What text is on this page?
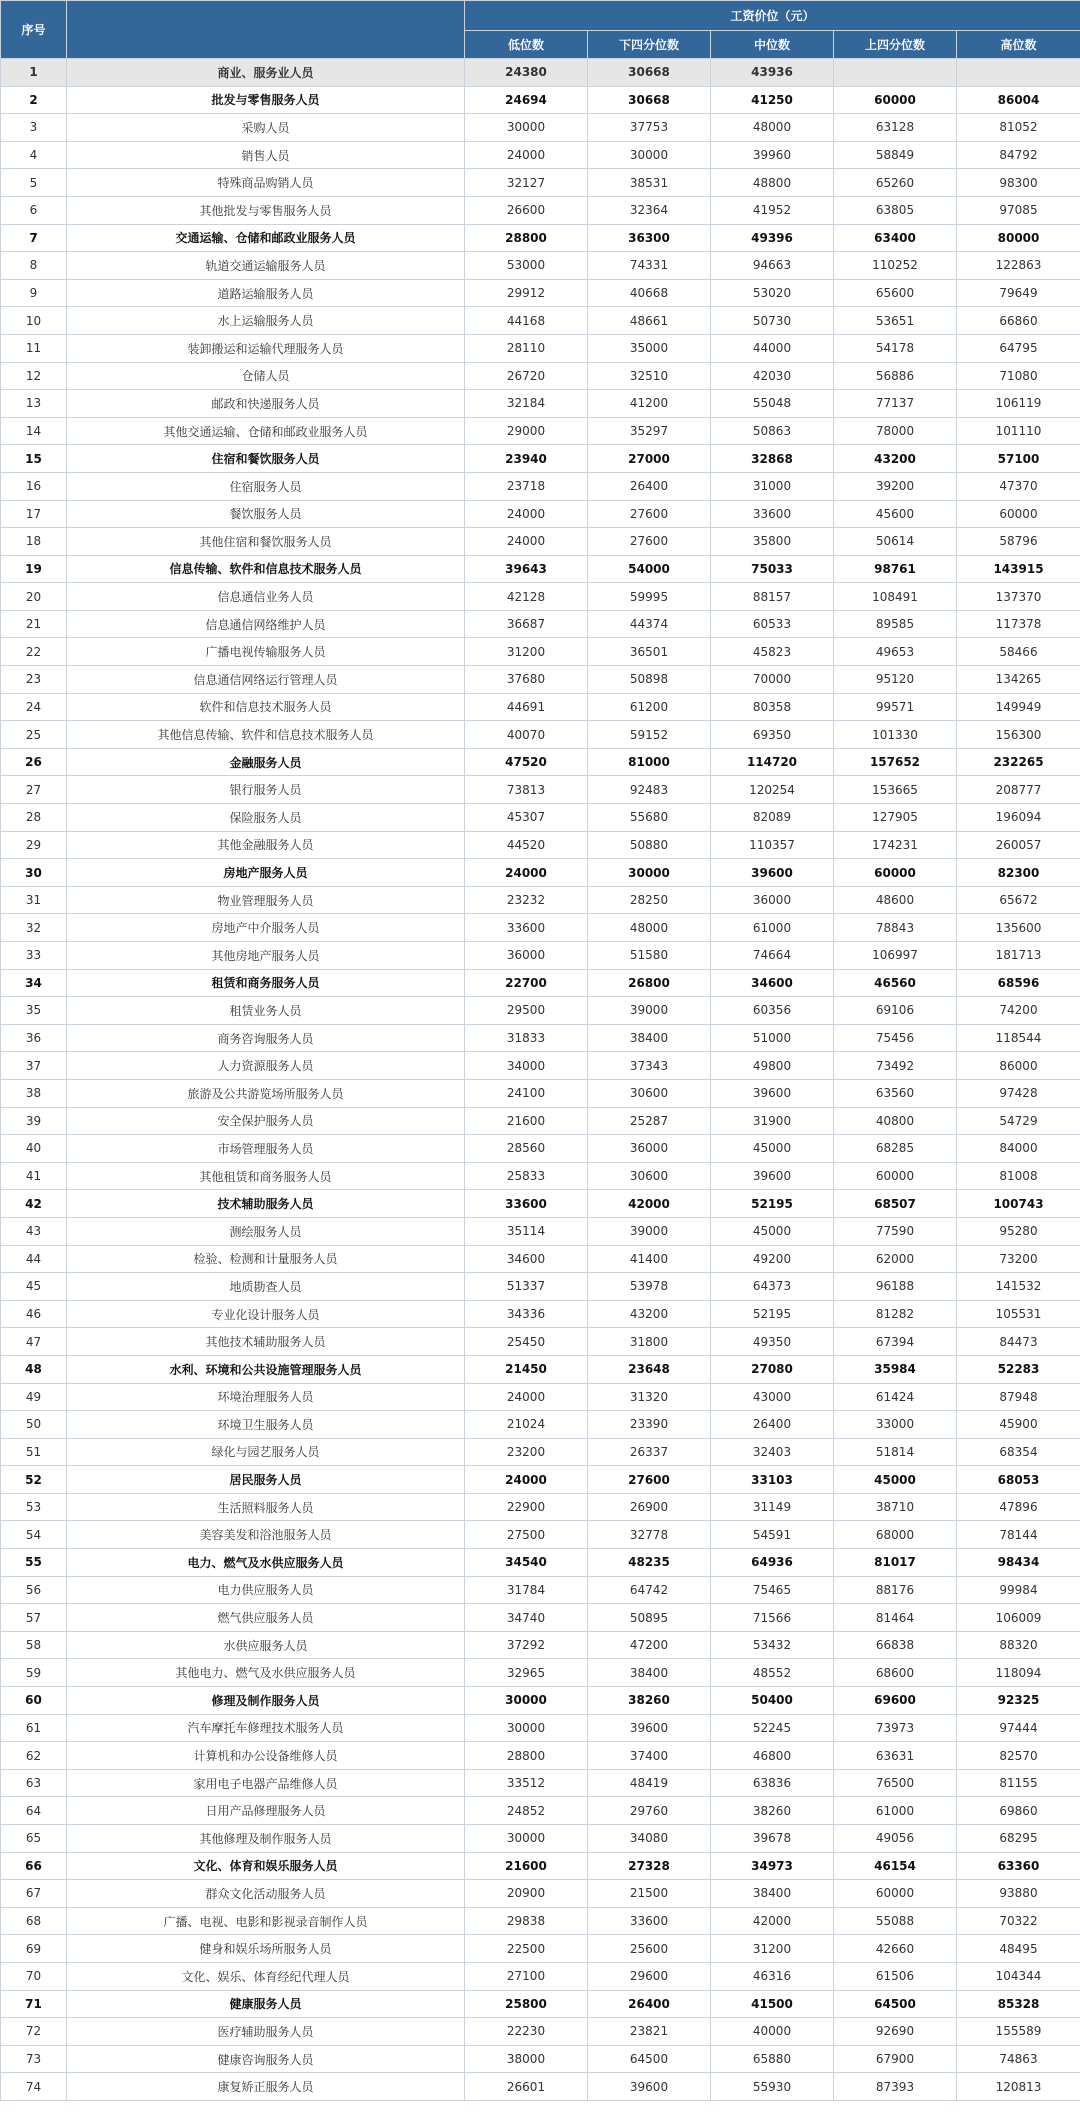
序号		工资价位（元）				
		低位数	下四分位数	中位数	上四分位数	高位数
1	商业、服务业人员	24380	30668	43936		
2	批发与零售服务人员	24694	30668	41250	60000	86004
3	采购人员	30000	37753	48000	63128	81052
4	销售人员	24000	30000	39960	58849	84792
5	特殊商品购销人员	32127	38531	48800	65260	98300
6	其他批发与零售服务人员	26600	32364	41952	63805	97085
7	交通运输、仓储和邮政业服务人员	28800	36300	49396	63400	80000
8	轨道交通运输服务人员	53000	74331	94663	110252	122863
9	道路运输服务人员	29912	40668	53020	65600	79649
10	水上运输服务人员	44168	48661	50730	53651	66860
11	装卸搬运和运输代理服务人员	28110	35000	44000	54178	64795
12	仓储人员	26720	32510	42030	56886	71080
13	邮政和快递服务人员	32184	41200	55048	77137	106119
14	其他交通运输、仓储和邮政业服务人员	29000	35297	50863	78000	101110
15	住宿和餐饮服务人员	23940	27000	32868	43200	57100
16	住宿服务人员	23718	26400	31000	39200	47370
17	餐饮服务人员	24000	27600	33600	45600	60000
18	其他住宿和餐饮服务人员	24000	27600	35800	50614	58796
19	信息传输、软件和信息技术服务人员	39643	54000	75033	98761	143915
20	信息通信业务人员	42128	59995	88157	108491	137370
21	信息通信网络维护人员	36687	44374	60533	89585	117378
22	广播电视传输服务人员	31200	36501	45823	49653	58466
23	信息通信网络运行管理人员	37680	50898	70000	95120	134265
24	软件和信息技术服务人员	44691	61200	80358	99571	149949
25	其他信息传输、软件和信息技术服务人员	40070	59152	69350	101330	156300
26	金融服务人员	47520	81000	114720	157652	232265
27	银行服务人员	73813	92483	120254	153665	208777
28	保险服务人员	45307	55680	82089	127905	196094
29	其他金融服务人员	44520	50880	110357	174231	260057
30	房地产服务人员	24000	30000	39600	60000	82300
31	物业管理服务人员	23232	28250	36000	48600	65672
32	房地产中介服务人员	33600	48000	61000	78843	135600
33	其他房地产服务人员	36000	51580	74664	106997	181713
34	租赁和商务服务人员	22700	26800	34600	46560	68596
35	租赁业务人员	29500	39000	60356	69106	74200
36	商务咨询服务人员	31833	38400	51000	75456	118544
37	人力资源服务人员	34000	37343	49800	73492	86000
38	旅游及公共游览场所服务人员	24100	30600	39600	63560	97428
39	安全保护服务人员	21600	25287	31900	40800	54729
40	市场管理服务人员	28560	36000	45000	68285	84000
41	其他租赁和商务服务人员	25833	30600	39600	60000	81008
42	技术辅助服务人员	33600	42000	52195	68507	100743
43	测绘服务人员	35114	39000	45000	77590	95280
44	检验、检测和计量服务人员	34600	41400	49200	62000	73200
45	地质勘查人员	51337	53978	64373	96188	141532
46	专业化设计服务人员	34336	43200	52195	81282	105531
47	其他技术辅助服务人员	25450	31800	49350	67394	84473
48	水利、环境和公共设施管理服务人员	21450	23648	27080	35984	52283
49	环境治理服务人员	24000	31320	43000	61424	87948
50	环境卫生服务人员	21024	23390	26400	33000	45900
51	绿化与园艺服务人员	23200	26337	32403	51814	68354
52	居民服务人员	24000	27600	33103	45000	68053
53	生活照料服务人员	22900	26900	31149	38710	47896
54	美容美发和浴池服务人员	27500	32778	54591	68000	78144
55	电力、燃气及水供应服务人员	34540	48235	64936	81017	98434
56	电力供应服务人员	31784	64742	75465	88176	99984
57	燃气供应服务人员	34740	50895	71566	81464	106009
58	水供应服务人员	37292	47200	53432	66838	88320
59	其他电力、燃气及水供应服务人员	32965	38400	48552	68600	118094
60	修理及制作服务人员	30000	38260	50400	69600	92325
61	汽车摩托车修理技术服务人员	30000	39600	52245	73973	97444
62	计算机和办公设备维修人员	28800	37400	46800	63631	82570
63	家用电子电器产品维修人员	33512	48419	63836	76500	81155
64	日用产品修理服务人员	24852	29760	38260	61000	69860
65	其他修理及制作服务人员	30000	34080	39678	49056	68295
66	文化、体育和娱乐服务人员	21600	27328	34973	46154	63360
67	群众文化活动服务人员	20900	21500	38400	60000	93880
68	广播、电视、电影和影视录音制作人员	29838	33600	42000	55088	70322
69	健身和娱乐场所服务人员	22500	25600	31200	42660	48495
70	文化、娱乐、体育经纪代理人员	27100	29600	46316	61506	104344
71	健康服务人员	25800	26400	41500	64500	85328
72	医疗辅助服务人员	22230	23821	40000	92690	155589
73	健康咨询服务人员	38000	64500	65880	67900	74863
74	康复矫正服务人员	26601	39600	55930	87393	120813
